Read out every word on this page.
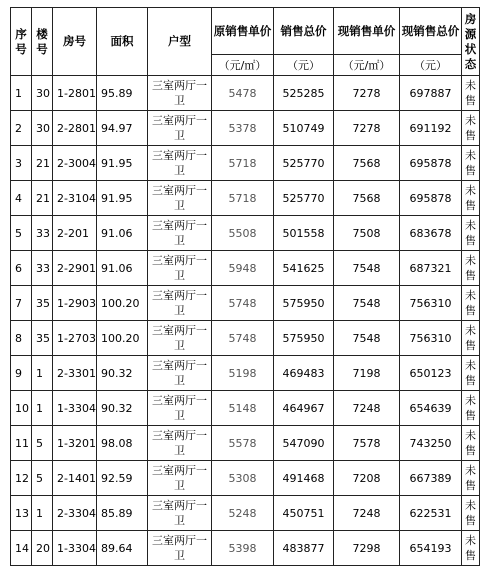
序号	楼号	房号	面积	户型	原销售单价	销售总价	现销售单价	现销售总价	房源状态
					（元/㎡）	（元）	（元/㎡）	（元）	
1	30	1-2801	95.89	三室两厅一卫	5478	525285	7278	697887	未售
2	30	2-2801	94.97	三室两厅一卫	5378	510749	7278	691192	未售
3	21	2-3004	91.95	三室两厅一卫	5718	525770	7568	695878	未售
4	21	2-3104	91.95	三室两厅一卫	5718	525770	7568	695878	未售
5	33	2-201	91.06	三室两厅一卫	5508	501558	7508	683678	未售
6	33	2-2901	91.06	三室两厅一卫	5948	541625	7548	687321	未售
7	35	1-2903	100.20	三室两厅一卫	5748	575950	7548	756310	未售
8	35	1-2703	100.20	三室两厅一卫	5748	575950	7548	756310	未售
9	1	2-3301	90.32	三室两厅一卫	5198	469483	7198	650123	未售
10	1	1-3304	90.32	三室两厅一卫	5148	464967	7248	654639	未售
11	5	1-3201	98.08	三室两厅一卫	5578	547090	7578	743250	未售
12	5	2-1401	92.59	三室两厅一卫	5308	491468	7208	667389	未售
13	1	2-3304	85.89	三室两厅一卫	5248	450751	7248	622531	未售
14	20	1-3304	89.64	三室两厅一卫	5398	483877	7298	654193	未售
